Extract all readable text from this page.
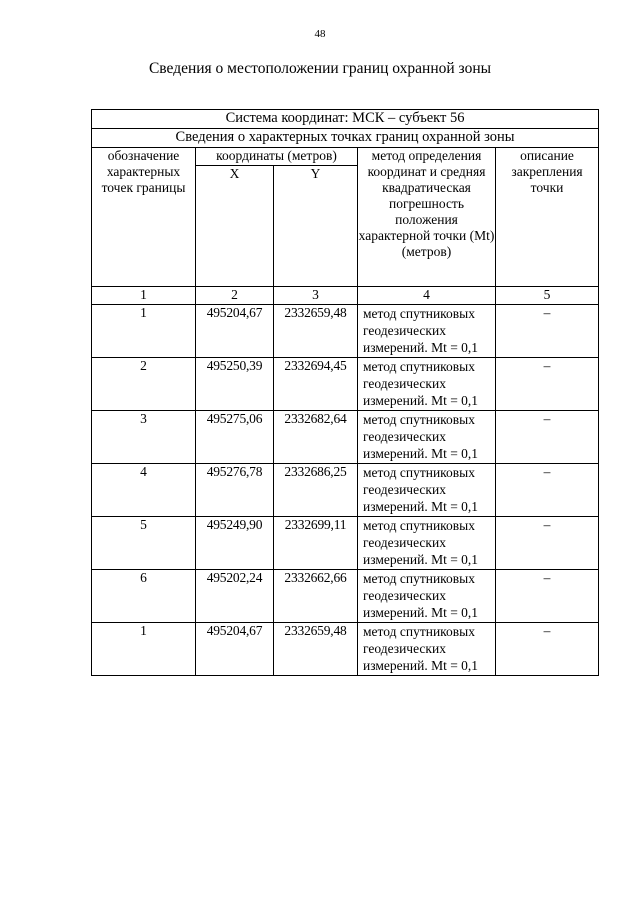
48
Сведения о местоположении границ охранной зоны
Система координат: МСК – субъект 56				
Сведения о характерных точках границ охранной зоны				
обозначение характерных точек границы	координаты (метров)		метод определения координат и средняя квадратическая погрешность положения характерной точки (Mt) (метров)	описание закрепления точки
	X	Y		
1	2	3	4	5
1	495204,67	2332659,48	метод спутниковых геодезических измерений. Mt = 0,1	–
2	495250,39	2332694,45	метод спутниковых геодезических измерений. Mt = 0,1	–
3	495275,06	2332682,64	метод спутниковых геодезических измерений. Mt = 0,1	–
4	495276,78	2332686,25	метод спутниковых геодезических измерений. Mt = 0,1	–
5	495249,90	2332699,11	метод спутниковых геодезических измерений. Mt = 0,1	–
6	495202,24	2332662,66	метод спутниковых геодезических измерений. Mt = 0,1	–
1	495204,67	2332659,48	метод спутниковых геодезических измерений. Mt = 0,1	–
